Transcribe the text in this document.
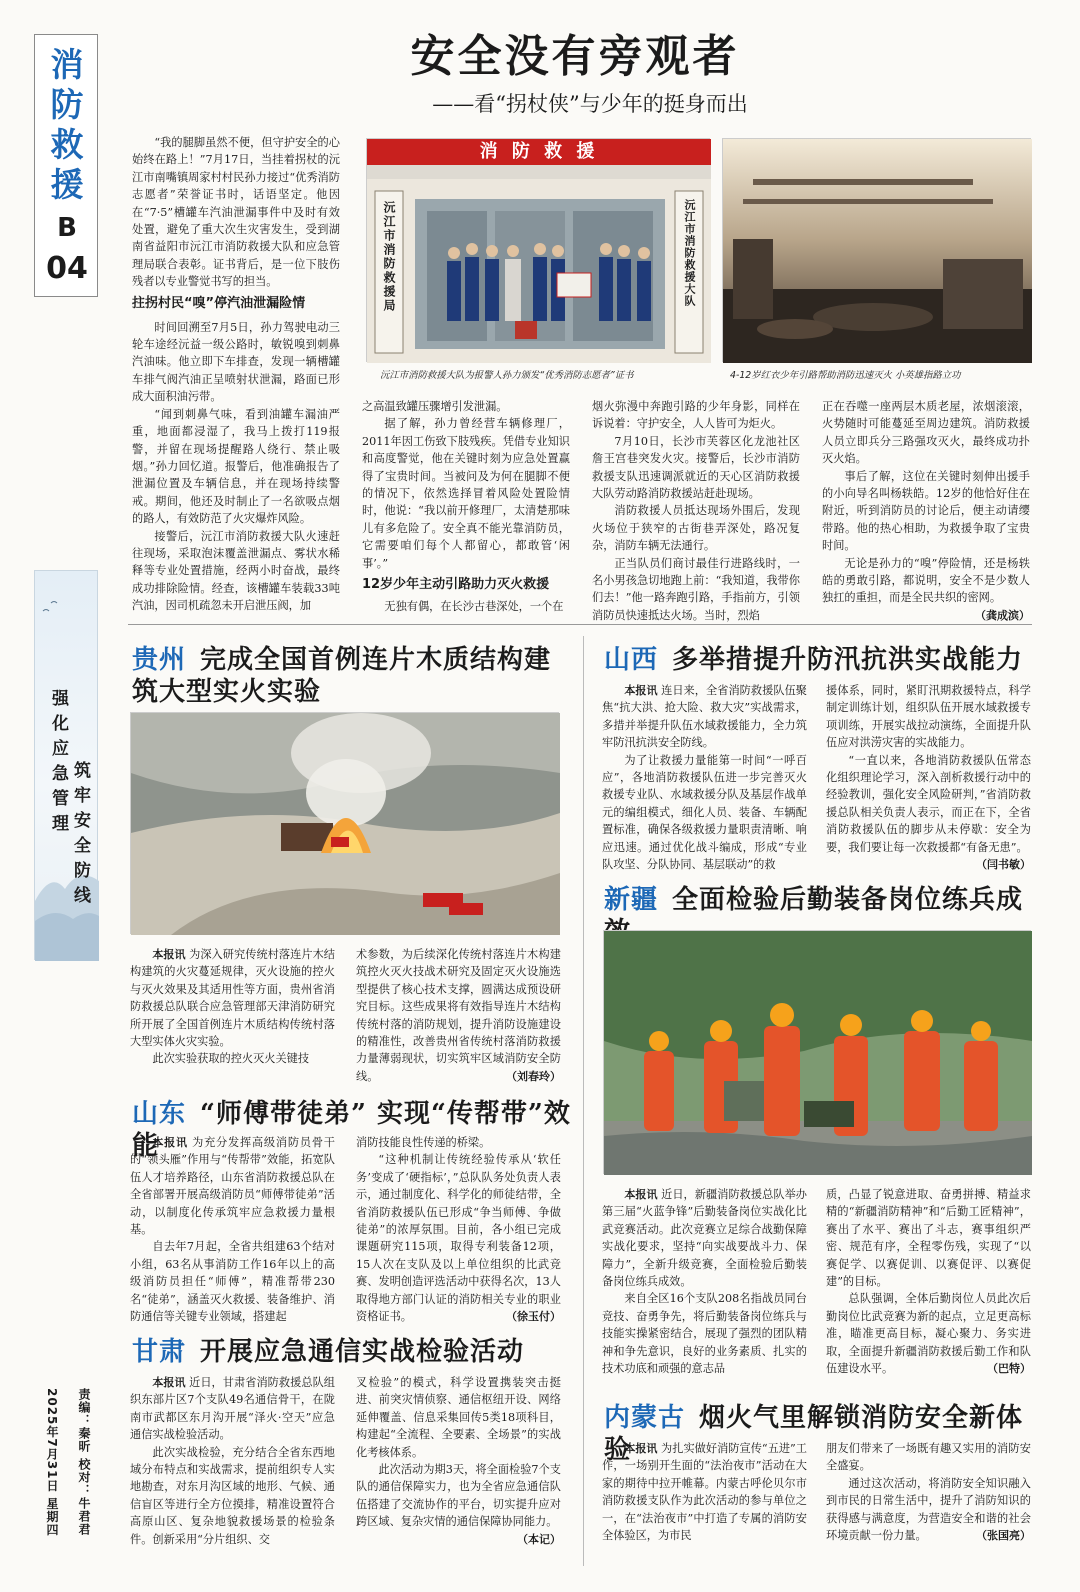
消防救援
B
04
强化应急管理 筑牢安全防线
责编：秦昕 校对：牛君君
2025年7月31日 星期四
安全没有旁观者
——看“拐杖侠”与少年的挺身而出
消 防 救 援
沅江市消防救援局	沅江市消防救援大队
沅江市消防救援大队为报警人孙力颁发“优秀消防志愿者”证书	4-12岁红衣少年引路帮助消防迅速灭火 小英雄指路立功

“我的腿脚虽然不便，但守护安全的心始终在路上！”7月17日，当挂着拐杖的沅江市南嘴镇周家村村民孙力接过“优秀消防志愿者”荣誉证书时，话语坚定。他因在“7·5”槽罐车汽油泄漏事件中及时有效处置，避免了重大次生灾害发生，受到湖南省益阳市沅江市消防救援大队和应急管理局联合表彰。证书背后，是一位下肢伤残者以专业警觉书写的担当。

拄拐村民“嗅”停汽油泄漏险情

时间回溯至7月5日，孙力驾驶电动三轮车途经沅益一级公路时，敏锐嗅到刺鼻汽油味。他立即下车排查，发现一辆槽罐车排气阀汽油正呈喷射状泄漏，路面已形成大面积油污带。

“闻到刺鼻气味，看到油罐车漏油严重，地面都浸湿了，我马上拨打119报警，并留在现场提醒路人绕行、禁止吸烟。”孙力回忆道。报警后，他准确报告了泄漏位置及车辆信息，并在现场持续警戒。期间，他还及时制止了一名欲吸点烟的路人，有效防范了火灾爆炸风险。

接警后，沅江市消防救援大队火速赶往现场，采取泡沫覆盖泄漏点、雾状水稀释等专业处置措施，经两小时奋战，最终成功排除险情。经查，该槽罐车装载33吨汽油，因司机疏忽未开启泄压阀，加

之高温致罐压骤增引发泄漏。

据了解，孙力曾经营车辆修理厂，2011年因工伤致下肢残疾。凭借专业知识和高度警觉，他在关键时刻为应急处置赢得了宝贵时间。当被问及为何在腿脚不便的情况下，依然选择冒着风险处置险情时，他说：“我以前开修理厂，太清楚那味儿有多危险了。安全真不能光靠消防员，它需要咱们每个人都留心，都敢管‘闲事’。”

12岁少年主动引路助力灭火救援

无独有偶，在长沙古巷深处，一个在

烟火弥漫中奔跑引路的少年身影，同样在诉说着：守护安全，人人皆可为炬火。

7月10日，长沙市芙蓉区化龙池社区詹王宫巷突发火灾。接警后，长沙市消防救援支队迅速调派就近的天心区消防救援大队劳动路消防救援站赶赴现场。

消防救援人员抵达现场外围后，发现火场位于狭窄的古街巷弄深处，路况复杂，消防车辆无法通行。

正当队员们商讨最佳行进路线时，一名小男孩急切地跑上前：“我知道，我带你们去！”他一路奔跑引路，手指前方，引领消防员快速抵达火场。当时，烈焰

正在吞噬一座两层木质老屋，浓烟滚滚，火势随时可能蔓延至周边建筑。消防救援人员立即兵分三路强攻灭火，最终成功扑灭火焰。

事后了解，这位在关键时刻伸出援手的小向导名叫杨轶皓。12岁的他恰好住在附近，听到消防员的讨论后，便主动请缨带路。他的热心相助，为救援争取了宝贵时间。

无论是孙力的“嗅”停险情，还是杨轶皓的勇敢引路，都说明，安全不是少数人独扛的重担，而是全民共织的密网。
（龚成滨）

贵州 完成全国首例连片木质结构建筑大型实火实验

本报讯 为深入研究传统村落连片木结构建筑的火灾蔓延规律，灭火设施的控火与灭火效果及其适用性等方面，贵州省消防救援总队联合应急管理部天津消防研究所开展了全国首例连片木质结构传统村落大型实体火灾实验。

此次实验获取的控火灭火关键技

术参数，为后续深化传统村落连片木构建筑控火灭火技战术研究及固定灭火设施选型提供了核心技术支撑，圆满达成预设研究目标。这些成果将有效指导连片木结构传统村落的消防规划，提升消防设施建设的精准性，改善贵州省传统村落消防救援力量薄弱现状，切实筑牢区域消防安全防线。	（刘春玲）

山东 “师傅带徒弟” 实现“传帮带”效能

本报讯 为充分发挥高级消防员骨干的“领头雁”作用与“传帮带”效能，拓宽队伍人才培养路径，山东省消防救援总队在全省部署开展高级消防员“师傅带徒弟”活动，以制度化传承筑牢应急救援力量根基。

自去年7月起，全省共组建63个结对小组，63名从事消防工作16年以上的高级消防员担任“师傅”，精准帮带230名“徒弟”，涵盖灭火救援、装备维护、消防通信等关键专业领域，搭建起

消防技能良性传递的桥梁。

“这种机制让传统经验传承从‘软任务’变成了‘硬指标’，”总队队务处负责人表示，通过制度化、科学化的师徒结带，全省消防救援队伍已形成“争当师傅、争做徒弟”的浓厚氛围。目前，各小组已完成课题研究115项，取得专利装备12项，15人次在支队及以上单位组织的比武竞赛、发明创造评选活动中获得名次，13人取得地方部门认证的消防相关专业的职业资格证书。	（徐玉付）

甘肃 开展应急通信实战检验活动

本报讯 近日，甘肃省消防救援总队组织东部片区7个支队49名通信骨干，在陇南市武都区东月沟开展“泽火·空天”应急通信实战检验活动。

此次实战检验，充分结合全省东西地域分布特点和实战需求，提前组织专人实地勘查，对东月沟区域的地形、气候、通信盲区等进行全方位摸排，精准设置符合高原山区、复杂地貌救援场景的检验条件。创新采用“分片组织、交

叉检验”的模式，科学设置携装突击挺进、前突灾情侦察、通信枢纽开设、网络延伸覆盖、信息采集回传5类18项科目，构建起“全流程、全要素、全场景”的实战化考核体系。

此次活动为期3天，将全面检验7个支队的通信保障实力，也为全省应急通信队伍搭建了交流协作的平台，切实提升应对跨区域、复杂灾情的通信保障协同能力。
（本记）

山西 多举措提升防汛抗洪实战能力

本报讯 连日来，全省消防救援队伍聚焦“抗大洪、抢大险、救大灾”实战需求，多措并举提升队伍水域救援能力，全力筑牢防汛抗洪安全防线。

为了让救援力量能第一时间“一呼百应”，各地消防救援队伍进一步完善灭火救援专业队、水域救援分队及基层作战单元的编组模式，细化人员、装备、车辆配置标准，确保各级救援力量职责清晰、响应迅速。通过优化战斗编成，形成“专业队攻坚、分队协同、基层联动”的救

援体系，同时，紧盯汛期救援特点，科学制定训练计划，组织队伍开展水域救援专项训练，开展实战拉动演练，全面提升队伍应对洪涝灾害的实战能力。

“一直以来，各地消防救援队伍常态化组织理论学习，深入剖析救援行动中的经验教训，强化安全风险研判，”省消防救援总队相关负责人表示，而正在下，全省消防救援队伍的脚步从未停歇：安全为要，我们要让每一次救援都“有备无患”。
（闫书敏）

新疆 全面检验后勤装备岗位练兵成

本报讯 近日，新疆消防救援总队举办第三届“火蓝争锋”后勤装备岗位实战化比武竞赛活动。此次竞赛立足综合战勤保障实战化要求，坚持“向实战要战斗力、保障力”，全新升级竞赛，全面检验后勤装备岗位练兵成效。

来自全区16个支队208名指战员同台竞技、奋勇争先，将后勤装备岗位练兵与技能实操紧密结合，展现了强烈的团队精神和争先意识，良好的业务素质、扎实的技术功底和顽强的意志品

质，凸显了锐意进取、奋勇拼搏、精益求精的“新疆消防精神”和“后勤工匠精神”，赛出了水平、赛出了斗志，赛事组织严密、规范有序，全程零伤残，实现了“以赛促学、以赛促训、以赛促评、以赛促建”的目标。

总队强调，全体后勤岗位人员此次后勤岗位比武竞赛为新的起点，立足更高标准，瞄准更高目标，凝心聚力、务实进取，全面提升新疆消防救援后勤工作和队伍建设水平。	（巴特）

内蒙古 烟火气里解锁消防安全新体验

本报讯 为扎实做好消防宣传“五进”工作，一场别开生面的“法治夜市”活动在大家的期待中拉开帷幕。内蒙古呼伦贝尔市消防救援支队作为此次活动的参与单位之一，在“法治夜市”中打造了专属的消防安全体验区，为市民

朋友们带来了一场既有趣又实用的消防安全盛宴。

通过这次活动，将消防安全知识融入到市民的日常生活中，提升了消防知识的获得感与满意度，为营造安全和谐的社会环境贡献一份力量。	（张国亮）
